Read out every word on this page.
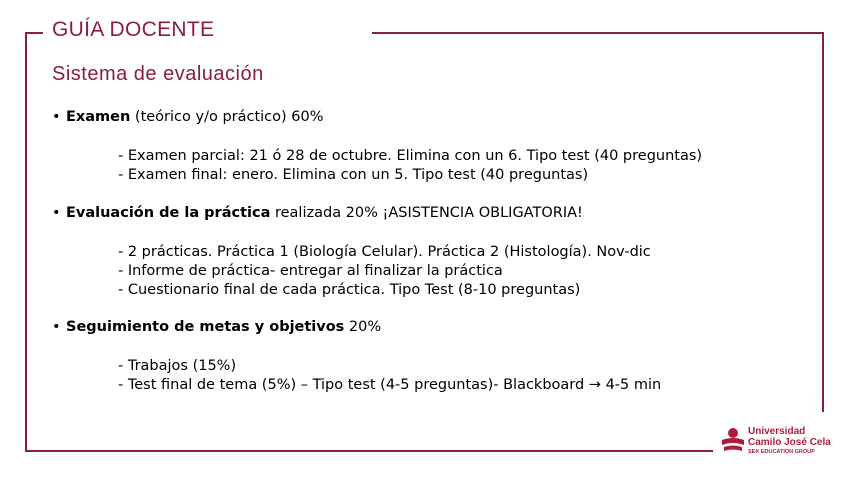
GUÍA DOCENTE
Sistema de evaluación
• Examen (teórico y/o práctico) 60%
- Examen parcial: 21 ó 28 de octubre. Elimina con un 6. Tipo test (40 preguntas)
- Examen final: enero. Elimina con un 5. Tipo test (40 preguntas)
• Evaluación de la práctica realizada 20% ¡ASISTENCIA OBLIGATORIA!
- 2 prácticas. Práctica 1 (Biología Celular). Práctica 2 (Histología). Nov-dic
- Informe de práctica- entregar al finalizar la práctica
- Cuestionario final de cada práctica. Tipo Test (8-10 preguntas)
• Seguimiento de metas y objetivos 20%
- Trabajos (15%)
- Test final de tema (5%) – Tipo test (4-5 preguntas)- Blackboard → 4-5 min
Universidad
Camilo José Cela
SEK EDUCATION GROUP
